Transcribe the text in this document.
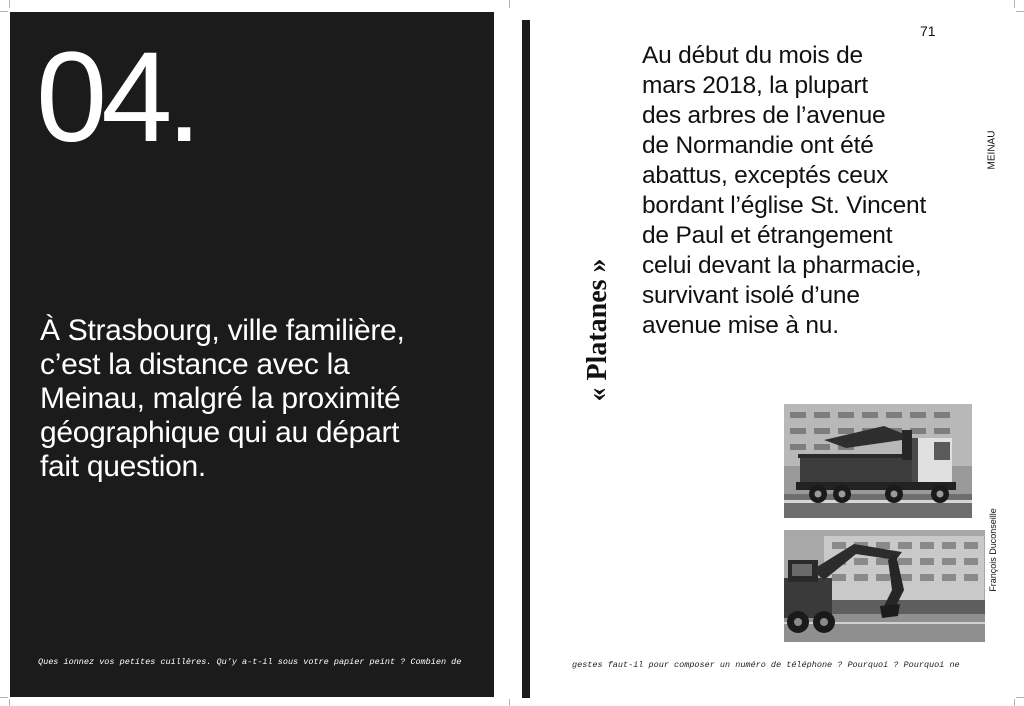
04.
À Strasbourg, ville familière,
c’est la distance avec la
Meinau, malgré la proximité
géographique qui au départ
fait question.
Ques ionnez vos petites cuillères. Qu’y a-t-il sous votre papier peint ? Combien de
71
MEINAU
« Platanes »
Au début du mois de
mars 2018, la plupart
des arbres de l’avenue
de Normandie ont été
abattus, exceptés ceux
bordant l’église St. Vincent
de Paul et étrangement
celui devant la pharmacie,
survivant isolé d’une
avenue mise à nu.
François Duconseille
gestes faut-il pour composer un numéro de téléphone ? Pourquoi ? Pourquoi ne
